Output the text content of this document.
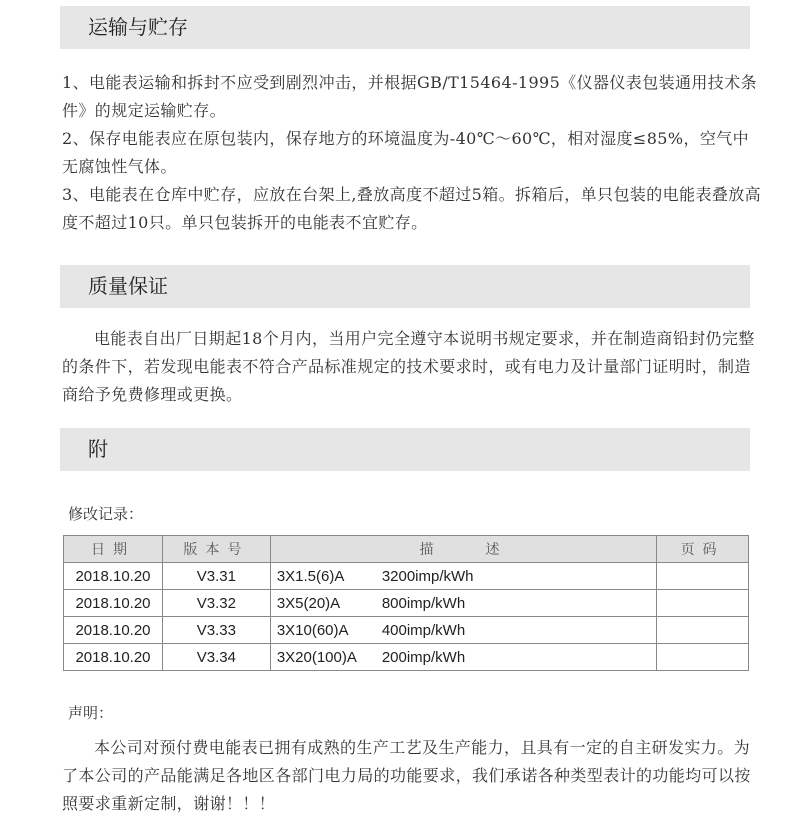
运输与贮存
1、电能表运输和拆封不应受到剧烈冲击，并根据GB/T15464-1995《仪器仪表包装通用技术条件》的规定运输贮存。
2、保存电能表应在原包装内，保存地方的环境温度为-40℃～60℃，相对湿度≤85%，空气中无腐蚀性气体。
3、电能表在仓库中贮存，应放在台架上,叠放高度不超过5箱。拆箱后，单只包装的电能表叠放高度不超过10只。单只包装拆开的电能表不宜贮存。
质量保证
电能表自出厂日期起18个月内，当用户完全遵守本说明书规定要求，并在制造商铅封仍完整的条件下，若发现电能表不符合产品标准规定的技术要求时，或有电力及计量部门证明时，制造商给予免费修理或更换。
附
修改记录：
日期	版本号	描　　述	页码
2018.10.20	V3.31	3X1.5(6)A 3200imp/kWh	
2018.10.20	V3.32	3X5(20)A 800imp/kWh	
2018.10.20	V3.33	3X10(60)A 400imp/kWh	
2018.10.20	V3.34	3X20(100)A 200imp/kWh	
声明：
本公司对预付费电能表已拥有成熟的生产工艺及生产能力，且具有一定的自主研发实力。为了本公司的产品能满足各地区各部门电力局的功能要求，我们承诺各种类型表计的功能均可以按照要求重新定制，谢谢！！！
